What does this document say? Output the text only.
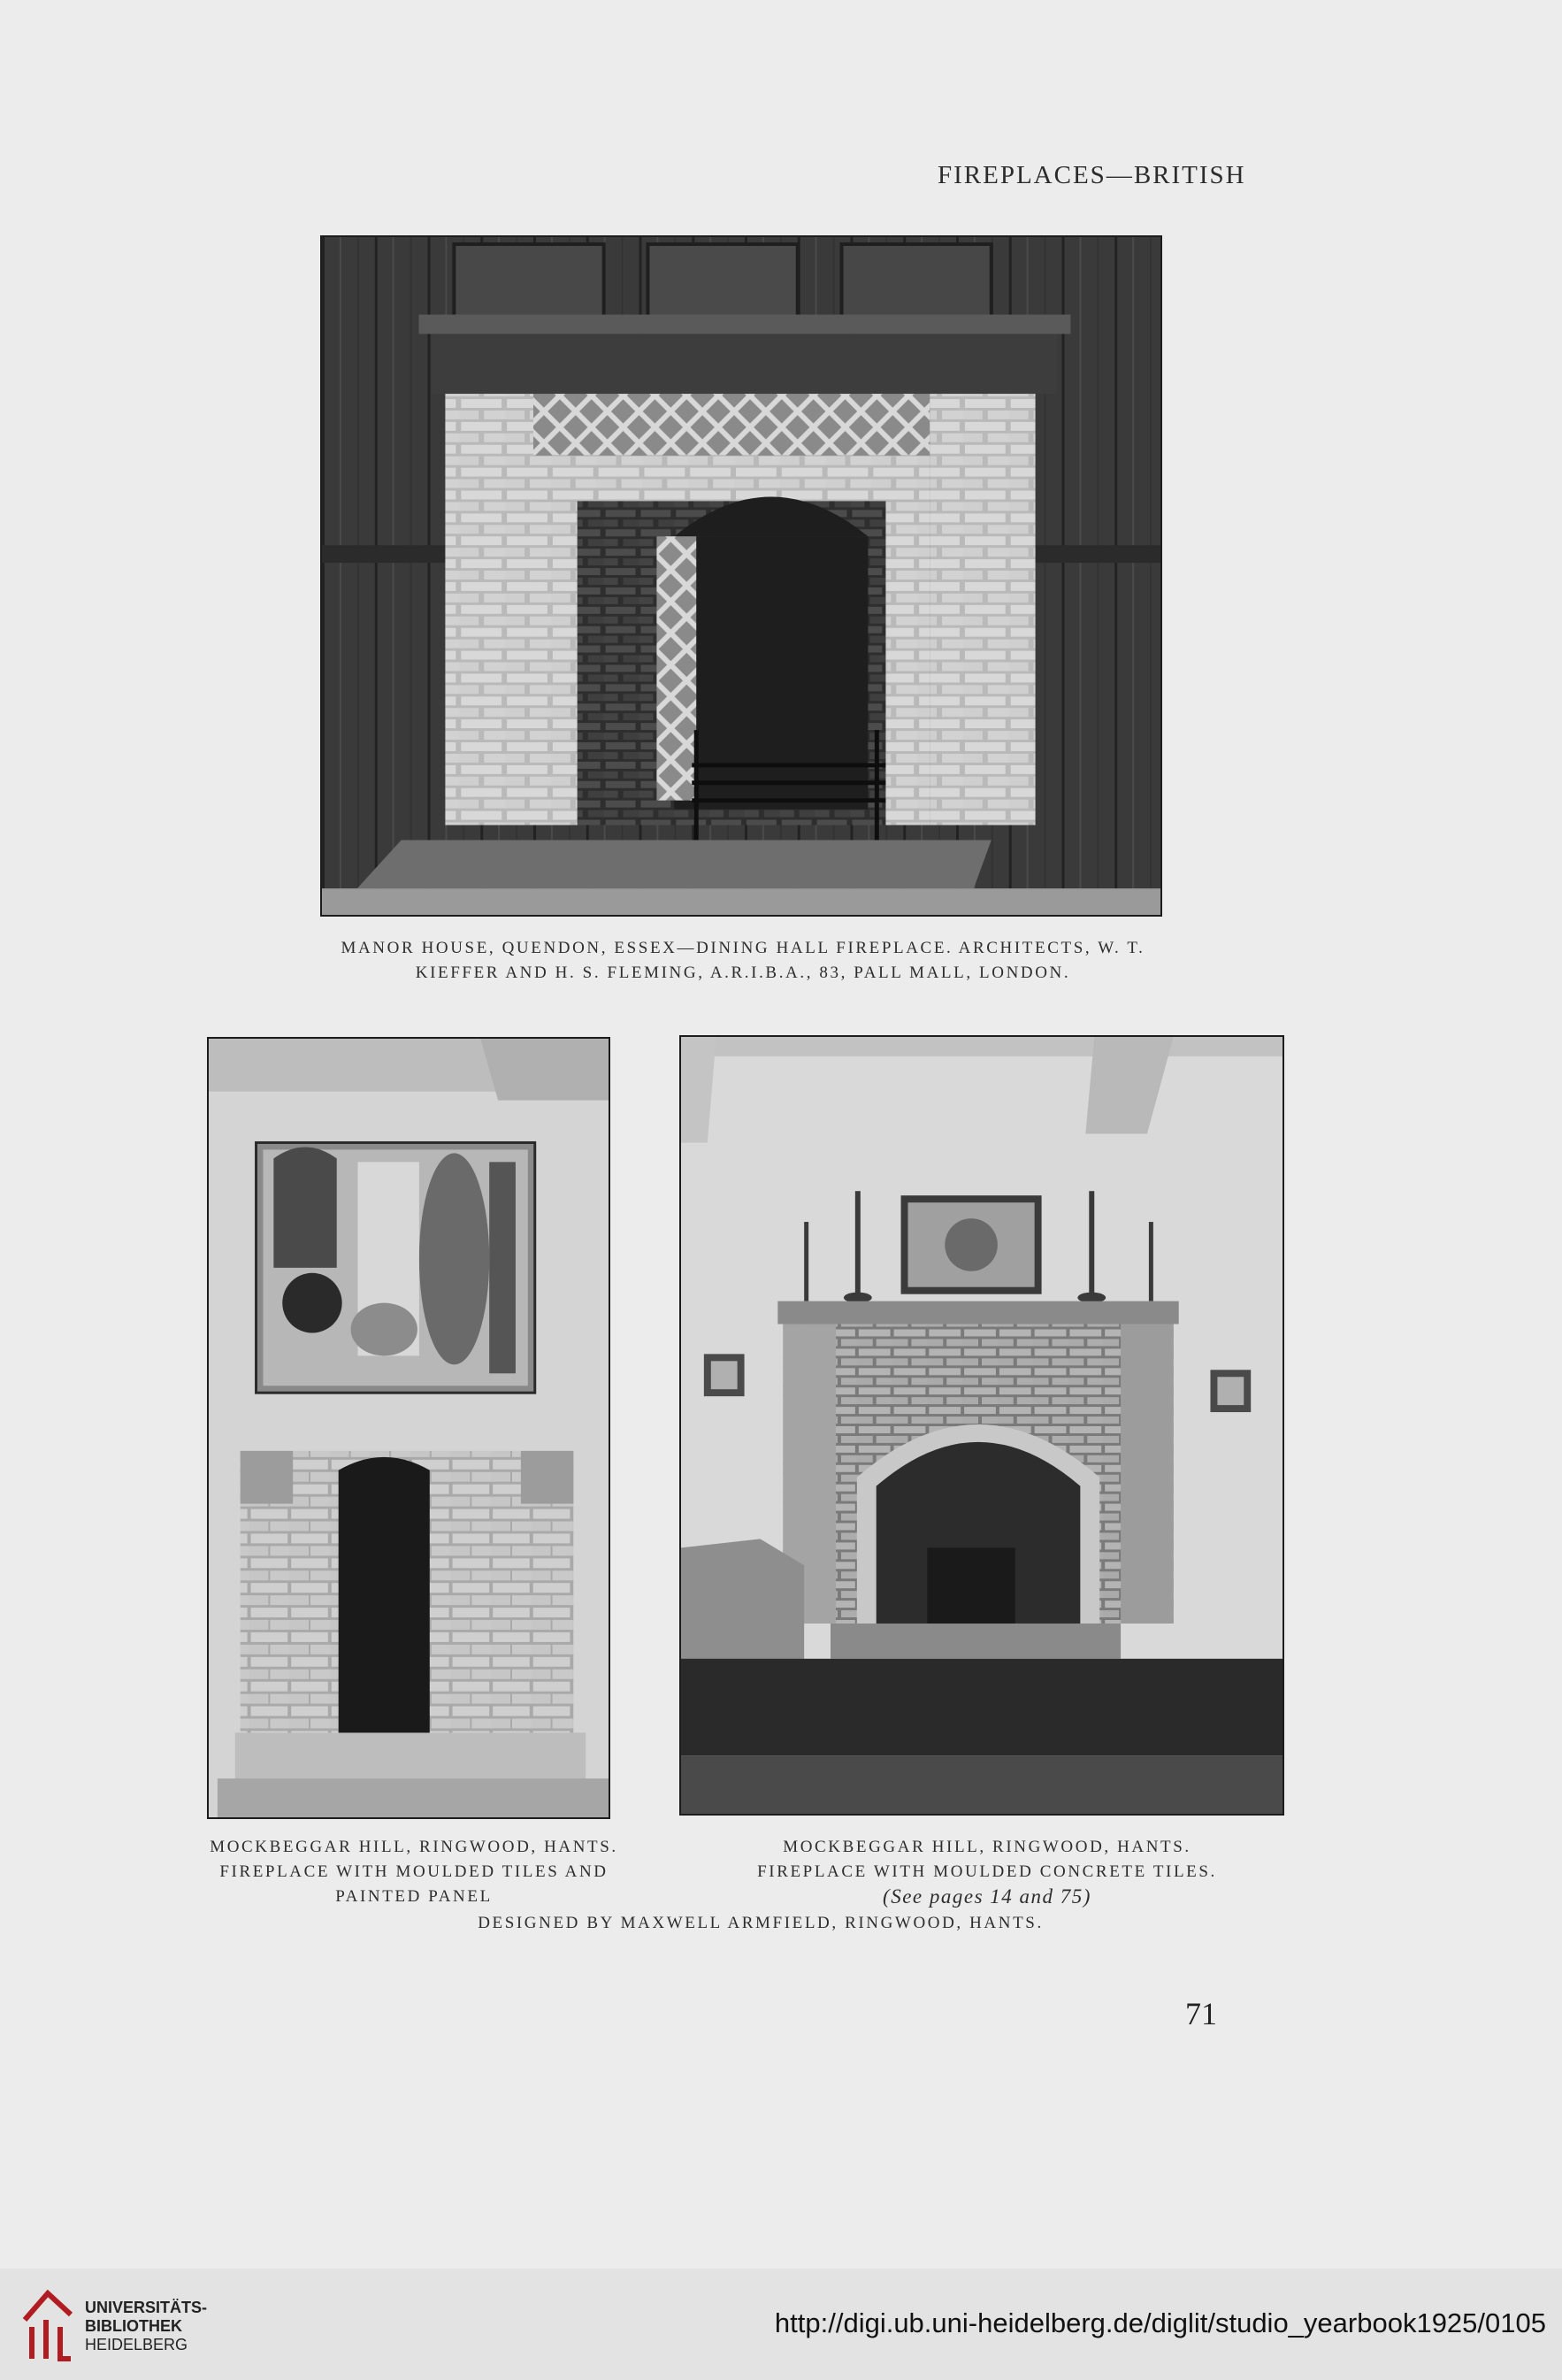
FIREPLACES—BRITISH
MANOR HOUSE, QUENDON, ESSEX—DINING HALL FIREPLACE. ARCHITECTS, W. T.
KIEFFER AND H. S. FLEMING, A.R.I.B.A., 83, PALL MALL, LONDON.
MOCKBEGGAR HILL, RINGWOOD, HANTS.
FIREPLACE WITH MOULDED TILES AND
PAINTED PANEL
MOCKBEGGAR HILL, RINGWOOD, HANTS.
FIREPLACE WITH MOULDED CONCRETE TILES.
(See pages 14 and 75)
DESIGNED BY MAXWELL ARMFIELD, RINGWOOD, HANTS.
71
UNIVERSITÄTS-
BIBLIOTHEK
HEIDELBERG
http://digi.ub.uni-heidelberg.de/diglit/studio_yearbook1925/0105
